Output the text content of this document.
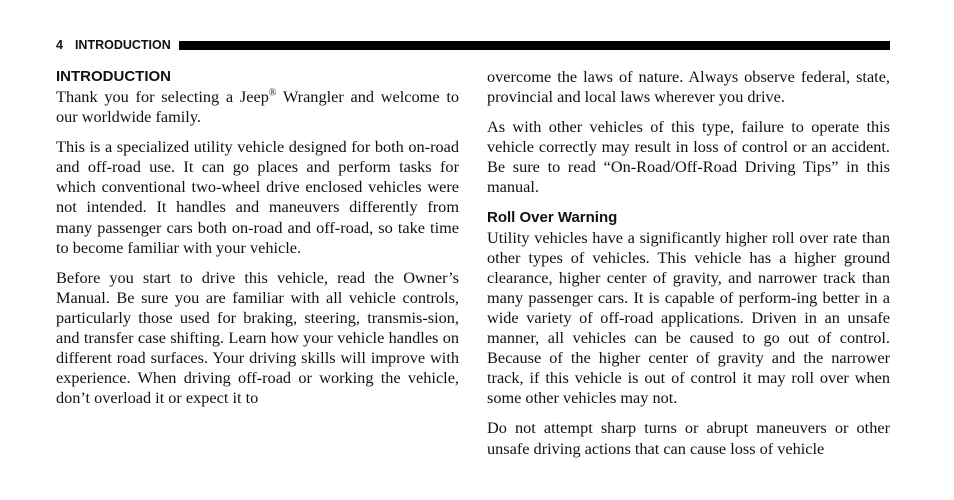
4 INTRODUCTION
INTRODUCTION

Thank you for selecting a Jeep® Wrangler and welcome to our worldwide family.

This is a specialized utility vehicle designed for both on-road and off-road use. It can go places and perform tasks for which conventional two-wheel drive enclosed vehicles were not intended. It handles and maneuvers differently from many passenger cars both on-road and off-road, so take time to become familiar with your vehicle.

Before you start to drive this vehicle, read the Owner’s Manual. Be sure you are familiar with all vehicle controls, particularly those used for braking, steering, transmis-sion, and transfer case shifting. Learn how your vehicle handles on different road surfaces. Your driving skills will improve with experience. When driving off-road or working the vehicle, don’t overload it or expect it to

overcome the laws of nature. Always observe federal, state, provincial and local laws wherever you drive.

As with other vehicles of this type, failure to operate this vehicle correctly may result in loss of control or an accident. Be sure to read “On-Road/Off-Road Driving Tips” in this manual.

Roll Over Warning

Utility vehicles have a significantly higher roll over rate than other types of vehicles. This vehicle has a higher ground clearance, higher center of gravity, and narrower track than many passenger cars. It is capable of perform-ing better in a wide variety of off-road applications. Driven in an unsafe manner, all vehicles can be caused to go out of control. Because of the higher center of gravity and the narrower track, if this vehicle is out of control it may roll over when some other vehicles may not.

Do not attempt sharp turns or abrupt maneuvers or other unsafe driving actions that can cause loss of vehicle
